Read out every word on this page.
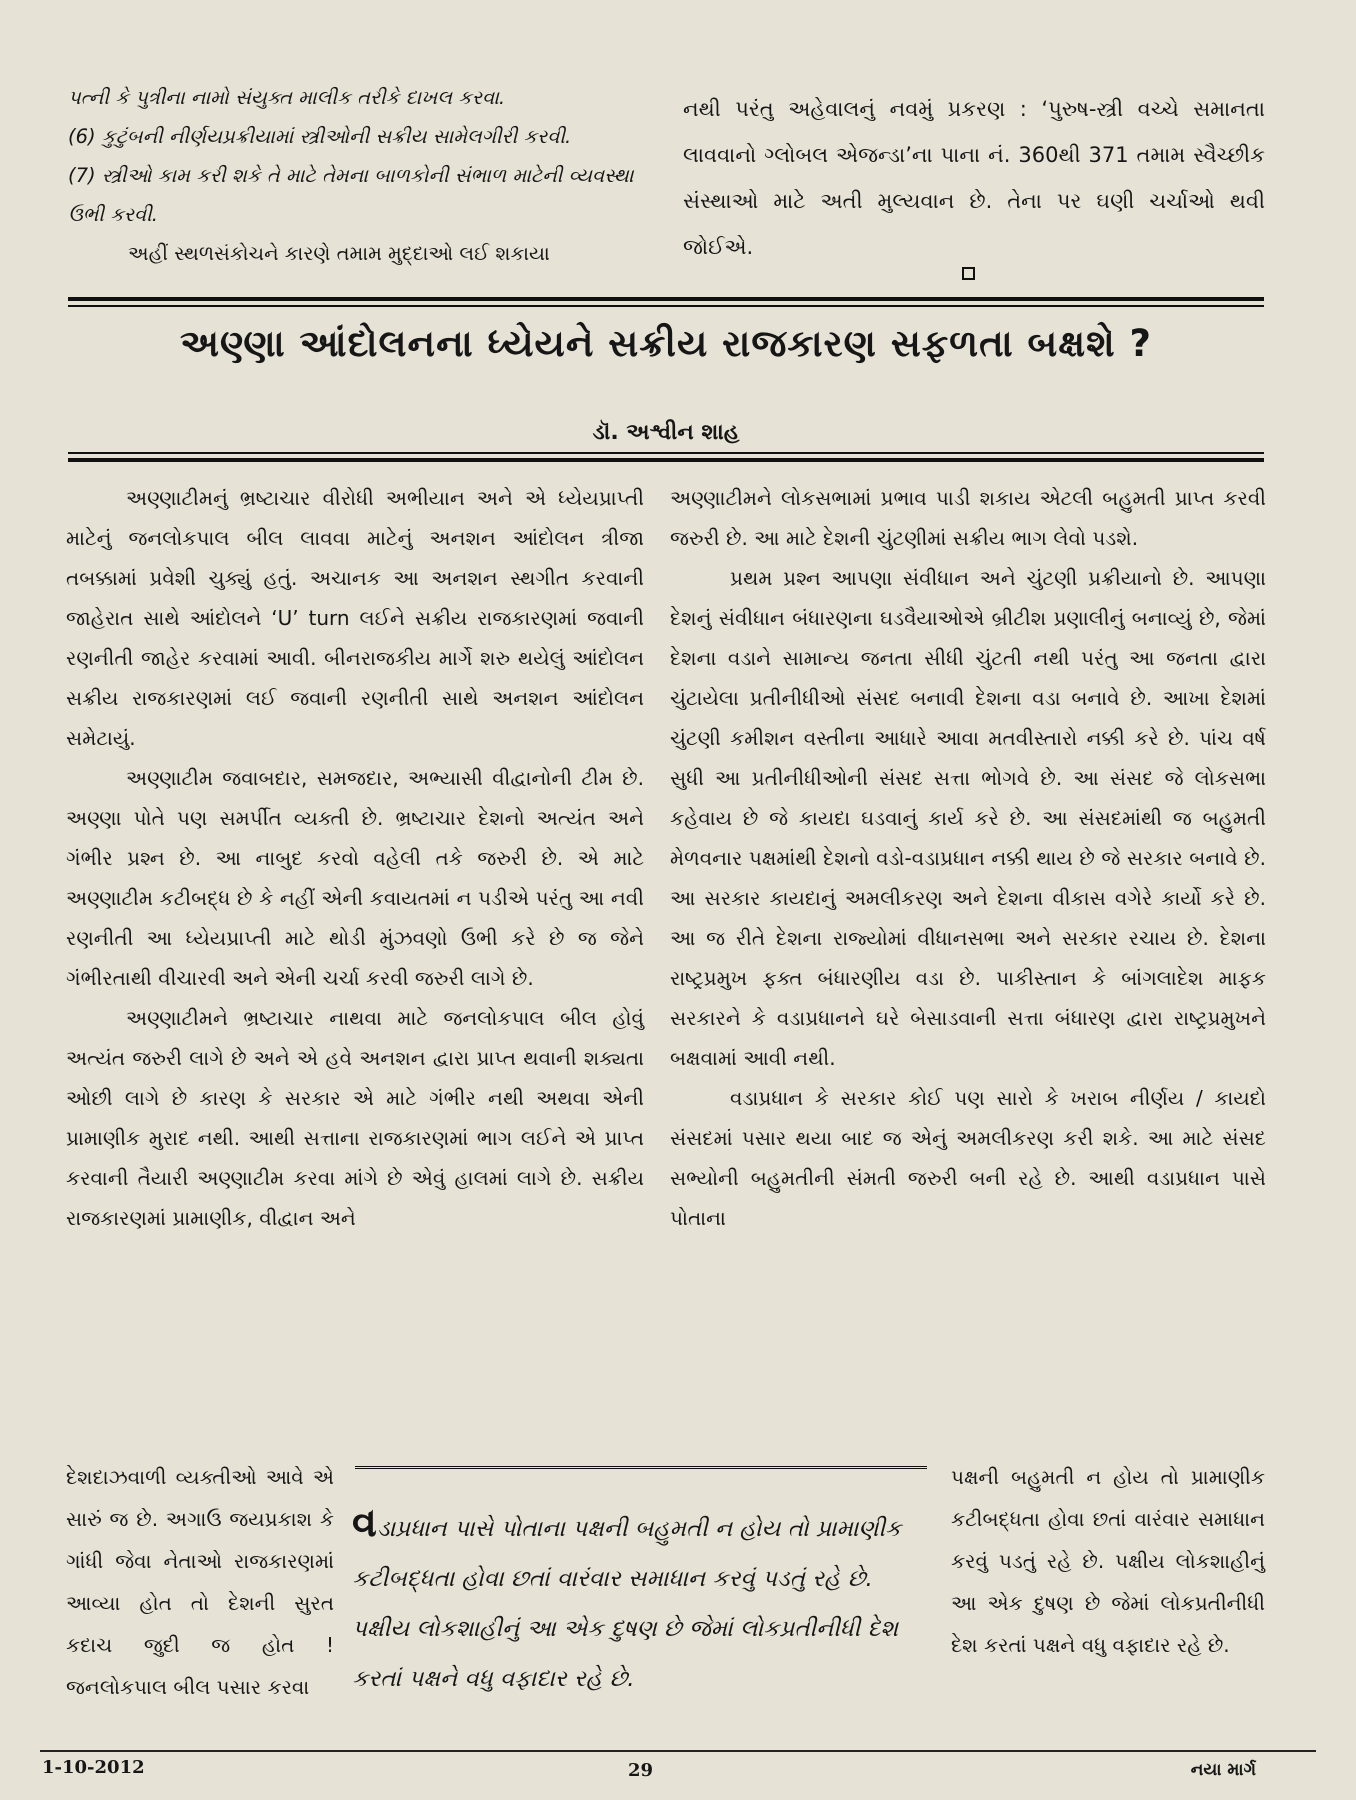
પત્ની કે પુત્રીના નામો સંયુક્ત માલીક તરીકે દાખલ કરવા.

(6) કુટુંબની નીર્ણયપ્રક્રીયામાં સ્ત્રીઓની સક્રીય સામેલગીરી કરવી.

(7) સ્ત્રીઓ કામ કરી શકે તે માટે તેમના બાળકોની સંભાળ માટેની વ્યવસ્થા ઉભી કરવી.

અહીં સ્થળસંકોચને કારણે તમામ મુદ્દાઓ લઈ શકાયા

નથી પરંતુ અહેવાલનું નવમું પ્રકરણ : ‘પુરુષ-સ્ત્રી વચ્ચે સમાનતા લાવવાનો ગ્લોબલ એજન્ડા’ના પાના નં. 360થી 371 તમામ સ્વૈચ્છીક સંસ્થાઓ માટે અતી મુલ્યવાન છે. તેના પર ઘણી ચર્ચાઓ થવી જોઈએ.

અણ્ણા આંદોલનના ધ્યેયને સક્રીય રાજકારણ સફળતા બક્ષશે ?
ડૉ. અશ્વીન શાહ

અણ્ણાટીમનું ભ્રષ્ટાચાર વીરોધી અભીયાન અને એ ધ્યેયપ્રાપ્તી માટેનું જનલોકપાલ બીલ લાવવા માટેનું અનશન આંદોલન ત્રીજા તબક્કામાં પ્રવેશી ચુક્યું હતું. અચાનક આ અનશન સ્થગીત કરવાની જાહેરાત સાથે આંદોલને ‘U’ turn લઈને સક્રીય રાજકારણમાં જવાની રણનીતી જાહેર કરવામાં આવી. બીનરાજકીય માર્ગે શરુ થયેલું આંદોલન સક્રીય રાજકારણમાં લઈ જવાની રણનીતી સાથે અનશન આંદોલન સમેટાયું.

અણ્ણાટીમ જવાબદાર, સમજદાર, અભ્યાસી વીદ્વાનોની ટીમ છે. અણ્ણા પોતે પણ સમર્પીત વ્યક્તી છે. ભ્રષ્ટાચાર દેશનો અત્યંત અને ગંભીર પ્રશ્ન છે. આ નાબુદ કરવો વહેલી તકે જરુરી છે. એ માટે અણ્ણાટીમ કટીબદ્ધ છે કે નહીં એની કવાયતમાં ન પડીએ પરંતુ આ નવી રણનીતી આ ધ્યેયપ્રાપ્તી માટે થોડી મુંઝવણો ઉભી કરે છે જ જેને ગંભીરતાથી વીચારવી અને એની ચર્ચા કરવી જરુરી લાગે છે.

અણ્ણાટીમને ભ્રષ્ટાચાર નાથવા માટે જનલોકપાલ બીલ હોવું અત્યંત જરુરી લાગે છે અને એ હવે અનશન દ્વારા પ્રાપ્ત થવાની શક્યતા ઓછી લાગે છે કારણ કે સરકાર એ માટે ગંભીર નથી અથવા એની પ્રામાણીક મુરાદ નથી. આથી સત્તાના રાજકારણમાં ભાગ લઈને એ પ્રાપ્ત કરવાની તૈયારી અણ્ણાટીમ કરવા માંગે છે એવું હાલમાં લાગે છે. સક્રીય રાજકારણમાં પ્રામાણીક, વીદ્વાન અને

અણ્ણાટીમને લોકસભામાં પ્રભાવ પાડી શકાય એટલી બહુમતી પ્રાપ્ત કરવી જરુરી છે. આ માટે દેશની ચુંટણીમાં સક્રીય ભાગ લેવો પડશે.

પ્રથમ પ્રશ્ન આપણા સંવીધાન અને ચુંટણી પ્રક્રીયાનો છે. આપણા દેશનું સંવીધાન બંધારણના ઘડવૈયાઓએ બ્રીટીશ પ્રણાલીનું બનાવ્યું છે, જેમાં દેશના વડાને સામાન્ય જનતા સીધી ચુંટતી નથી પરંતુ આ જનતા દ્વારા ચુંટાયેલા પ્રતીનીધીઓ સંસદ બનાવી દેશના વડા બનાવે છે. આખા દેશમાં ચુંટણી કમીશન વસ્તીના આધારે આવા મતવીસ્તારો નક્કી કરે છે. પાંચ વર્ષ સુધી આ પ્રતીનીધીઓની સંસદ સત્તા ભોગવે છે. આ સંસદ જે લોકસભા કહેવાય છે જે કાયદા ઘડવાનું કાર્ય કરે છે. આ સંસદમાંથી જ બહુમતી મેળવનાર પક્ષમાંથી દેશનો વડો-વડાપ્રધાન નક્કી થાય છે જે સરકાર બનાવે છે. આ સરકાર કાયદાનું અમલીકરણ અને દેશના વીકાસ વગેરે કાર્યો કરે છે. આ જ રીતે દેશના રાજ્યોમાં વીધાનસભા અને સરકાર રચાય છે. દેશના રાષ્ટ્રપ્રમુખ ફક્ત બંધારણીય વડા છે. પાકીસ્તાન કે બાંગલાદેશ માફક સરકારને કે વડાપ્રધાનને ઘરે બેસાડવાની સત્તા બંધારણ દ્વારા રાષ્ટ્રપ્રમુખને બક્ષવામાં આવી નથી.

વડાપ્રધાન કે સરકાર કોઈ પણ સારો કે ખરાબ નીર્ણય / કાયદો સંસદમાં પસાર થયા બાદ જ એનું અમલીકરણ કરી શકે. આ માટે સંસદ સભ્યોની બહુમતીની સંમતી જરુરી બની રહે છે. આથી વડાપ્રધાન પાસે પોતાના

દેશદાઝવાળી વ્યક્તીઓ આવે એ સારું જ છે. અગાઉ જયપ્રકાશ કે ગાંધી જેવા નેતાઓ રાજકારણમાં આવ્યા હોત તો દેશની સુરત કદાચ જુદી જ હોત ! જનલોકપાલ બીલ પસાર કરવા

પક્ષની બહુમતી ન હોય તો પ્રામાણીક કટીબદ્ધતા હોવા છતાં વારંવાર સમાધાન કરવું પડતું રહે છે. પક્ષીય લોકશાહીનું આ એક દુષણ છે જેમાં લોકપ્રતીનીધી દેશ કરતાં પક્ષને વધુ વફાદાર રહે છે.

વડાપ્રધાન પાસે પોતાના પક્ષની બહુમતી ન હોય તો પ્રામાણીક કટીબદ્ધતા હોવા છતાં વારંવાર સમાધાન કરવું પડતું રહે છે. પક્ષીય લોકશાહીનું આ એક દુષણ છે જેમાં લોકપ્રતીનીધી દેશ કરતાં પક્ષને વધુ વફાદાર રહે છે.
1-10-2012	29	નયા માર્ગ
